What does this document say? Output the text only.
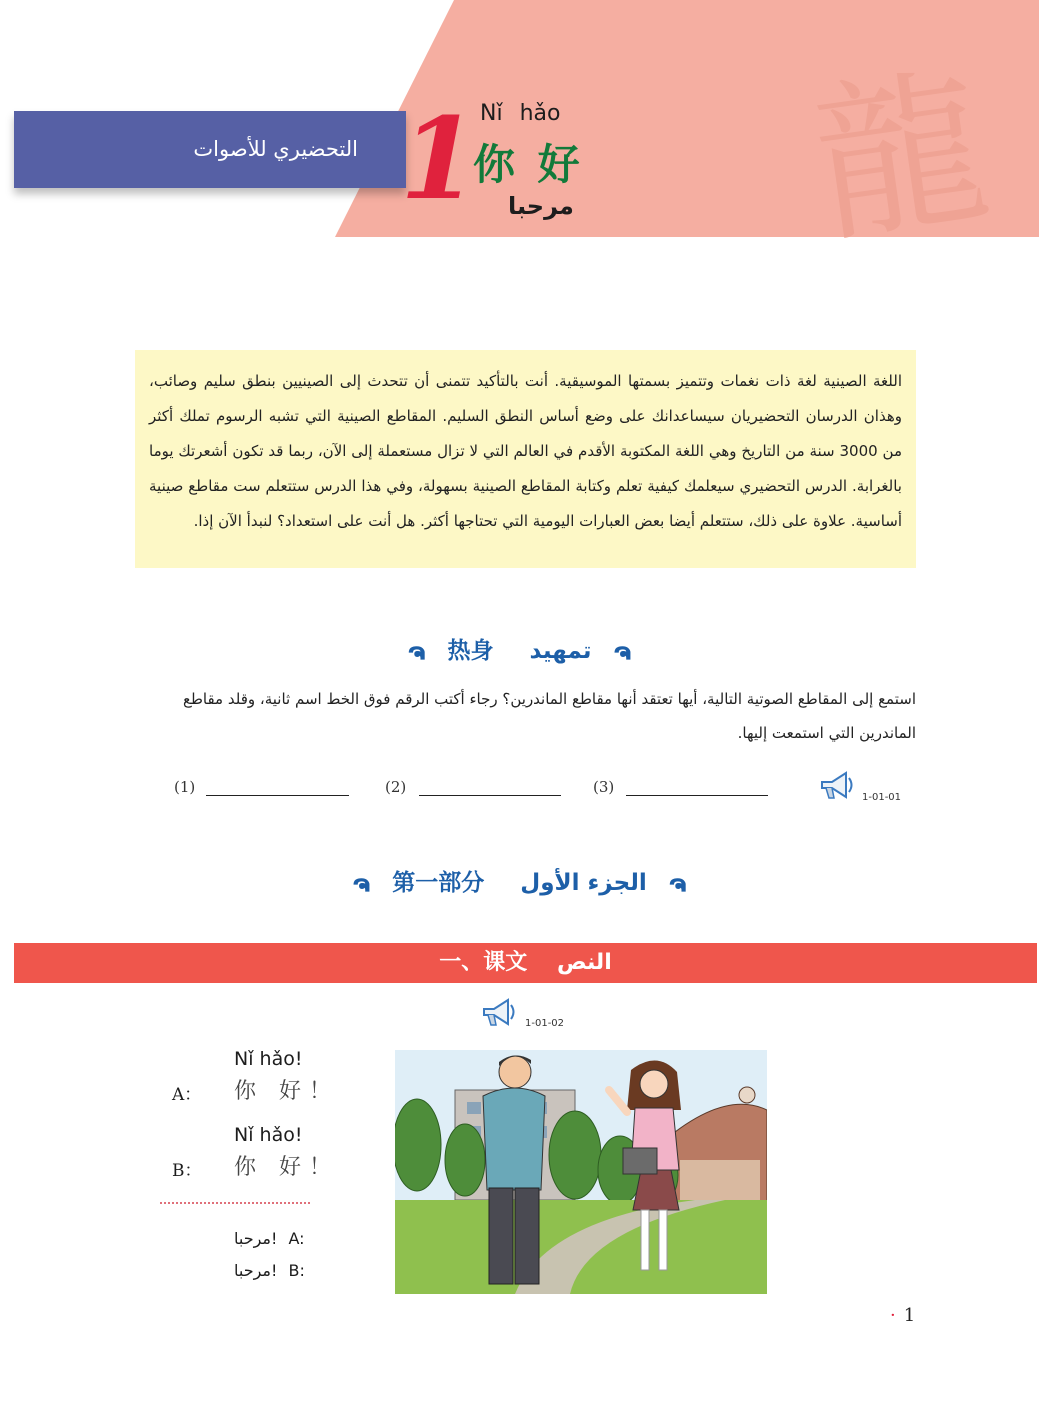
龍
التحضيري للأصوات 1 Nǐ hǎo
你 好
مرحبا
اللغة الصينية لغة ذات نغمات وتتميز بسمتها الموسيقية. أنت بالتأكيد تتمنى أن تتحدث إلى الصينيين بنطق سليم وصائب، وهذان الدرسان التحضيريان سيساعدانك على وضع أساس النطق السليم. المقاطع الصينية التي تشبه الرسوم تملك أكثر من 3000 سنة من التاريخ وهي اللغة المكتوبة الأقدم في العالم التي لا تزال مستعملة إلى الآن، ربما قد تكون أشعرتك يوما بالغرابة. الدرس التحضيري سيعلمك كيفية تعلم وكتابة المقاطع الصينية بسهولة، وفي هذا الدرس ستتعلم ست مقاطع صينية أساسية. علاوة على ذلك، ستتعلم أيضا بعض العبارات اليومية التي تحتاجها أكثر. هل أنت على استعداد؟ لنبدأ الآن إذا.
ຈ 热身 تمهيد ຈ
استمع إلى المقاطع الصوتية التالية، أيها تعتقد أنها مقاطع الماندرين؟ رجاء أكتب الرقم فوق الخط اسم ثانية، وقلد مقاطع الماندرين التي استمعت إليها.
(1)	(2)	(3)
1-01-01
ຈ 第一部分 الجزء الأول ຈ
一、课文 النص
1-01-02
Nǐ hǎo!
A： 你 好！
Nǐ hǎo!
B： 你 好！
مرحبا! A:
مرحبا! B:
· 1
